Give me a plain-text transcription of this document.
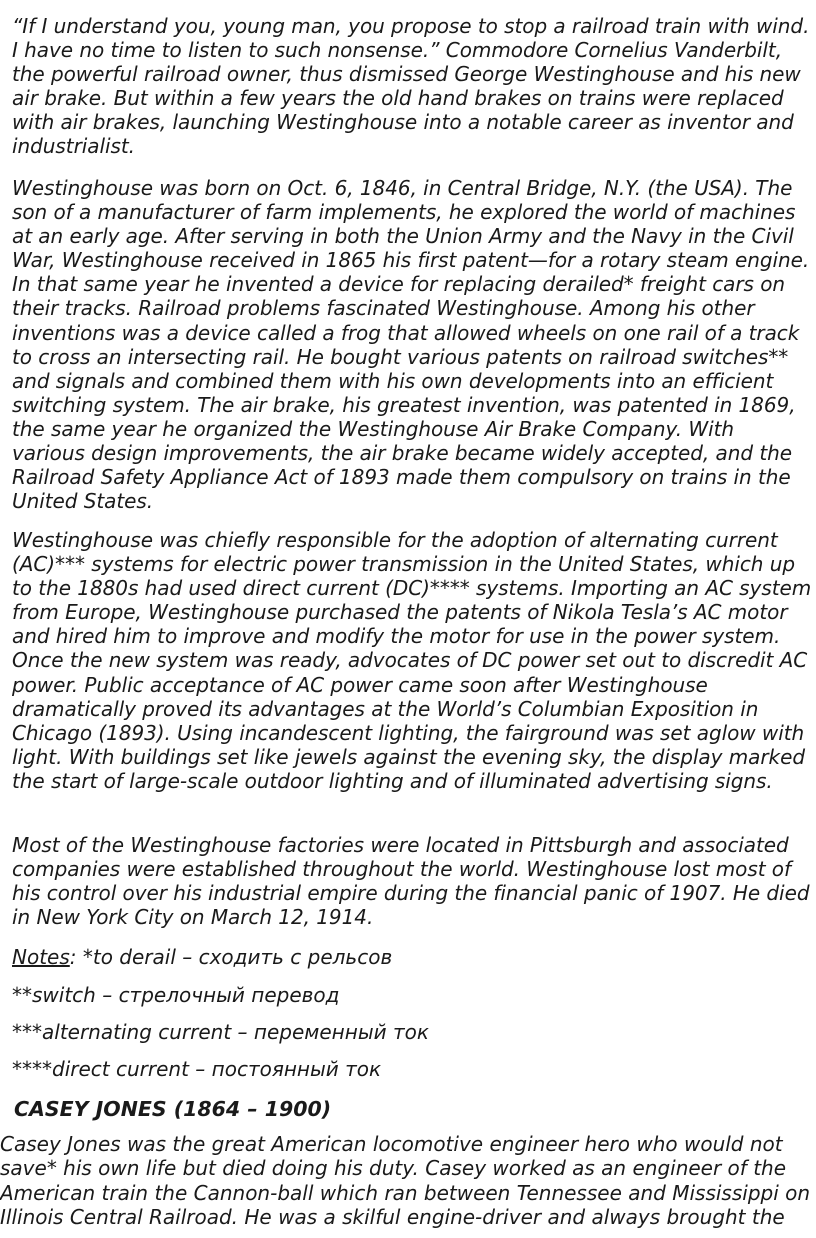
“If I understand you, young man, you propose to stop a railroad train with wind. I have no time to listen to such nonsense.” Commodore Cornelius Vanderbilt, the powerful railroad owner, thus dismissed George Westinghouse and his new air brake. But within a few years the old hand brakes on trains were replaced with air brakes, launching Westinghouse into a notable career as inventor and industrialist.

Westinghouse was born on Oct. 6, 1846, in Central Bridge, N.Y. (the USA). The son of a manufacturer of farm implements, he explored the world of machines at an early age. After serving in both the Union Army and the Navy in the Civil War, Westinghouse received in 1865 his first patent—for a rotary steam engine. In that same year he invented a device for replacing derailed* freight cars on their tracks. Railroad problems fascinated Westinghouse. Among his other inventions was a device called a frog that allowed wheels on one rail of a track to cross an intersecting rail. He bought various patents on railroad switches** and signals and combined them with his own developments into an efficient switching system. The air brake, his greatest invention, was patented in 1869, the same year he organized the Westinghouse Air Brake Company. With various design improvements, the air brake became widely accepted, and the Railroad Safety Appliance Act of 1893 made them compulsory on trains in the United States.

Westinghouse was chiefly responsible for the adoption of alternating current (AC)*** systems for electric power transmission in the United States, which up to the 1880s had used direct current (DC)**** systems. Importing an AC system from Europe, Westinghouse purchased the patents of Nikola Tesla’s AC motor and hired him to improve and modify the motor for use in the power system. Once the new system was ready, advocates of DC power set out to discredit AC power. Public acceptance of AC power came soon after Westinghouse dramatically proved its advantages at the World’s Columbian Exposition in Chicago (1893). Using incandescent lighting, the fairground was set aglow with light. With buildings set like jewels against the evening sky, the display marked the start of large-scale outdoor lighting and of illuminated advertising signs.

Most of the Westinghouse factories were located in Pittsburgh and associated companies were established throughout the world. Westinghouse lost most of his control over his industrial empire during the financial panic of 1907. He died in New York City on March 12, 1914.

Notes: *to derail – сходить с рельсов
**switch – стрелочный перевод
***alternating current – переменный ток
****direct current – постоянный ток
CASEY JONES (1864 – 1900)

Casey Jones was the great American locomotive engineer hero who would not save* his own life but died doing his duty. Casey worked as an engineer of the American train the Cannon-ball which ran between Tennessee and Mississippi on Illinois Central Railroad. He was a skilful engine-driver and always brought the
